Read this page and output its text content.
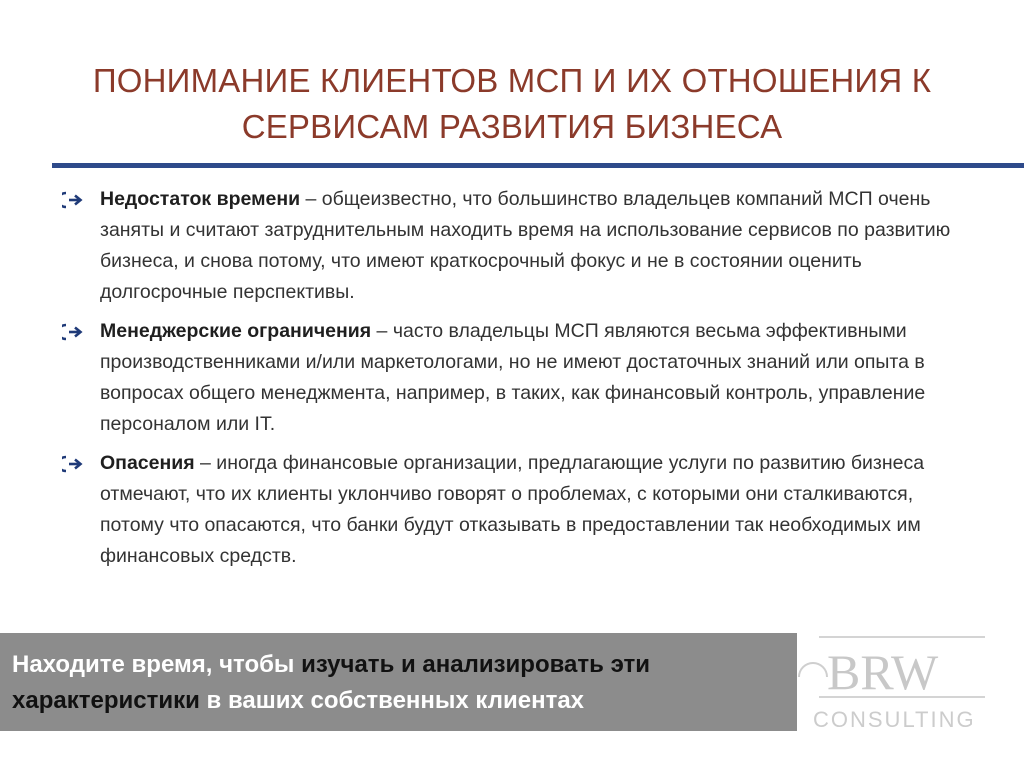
ПОНИМАНИЕ КЛИЕНТОВ МСП И ИХ ОТНОШЕНИЯ К
СЕРВИСАМ РАЗВИТИЯ БИЗНЕСА
Недостаток времени – общеизвестно, что большинство владельцев компаний МСП очень заняты и считают затруднительным находить время на использование сервисов по развитию бизнеса, и снова потому, что имеют краткосрочный фокус и не в состоянии оценить долгосрочные перспективы.
Менеджерские ограничения – часто владельцы МСП являются весьма эффективными производственниками и/или маркетологами, но не имеют достаточных знаний или опыта в вопросах общего менеджмента, например, в таких, как финансовый контроль, управление персоналом или IT.
Опасения – иногда финансовые организации, предлагающие услуги по развитию бизнеса отмечают, что их клиенты уклончиво говорят о проблемах, с которыми они сталкиваются, потому что опасаются, что банки будут отказывать в предоставлении так необходимых им финансовых средств.
Находите время, чтобы изучать и анализировать эти характеристики в ваших собственных клиентах
BRW
CONSULTING
